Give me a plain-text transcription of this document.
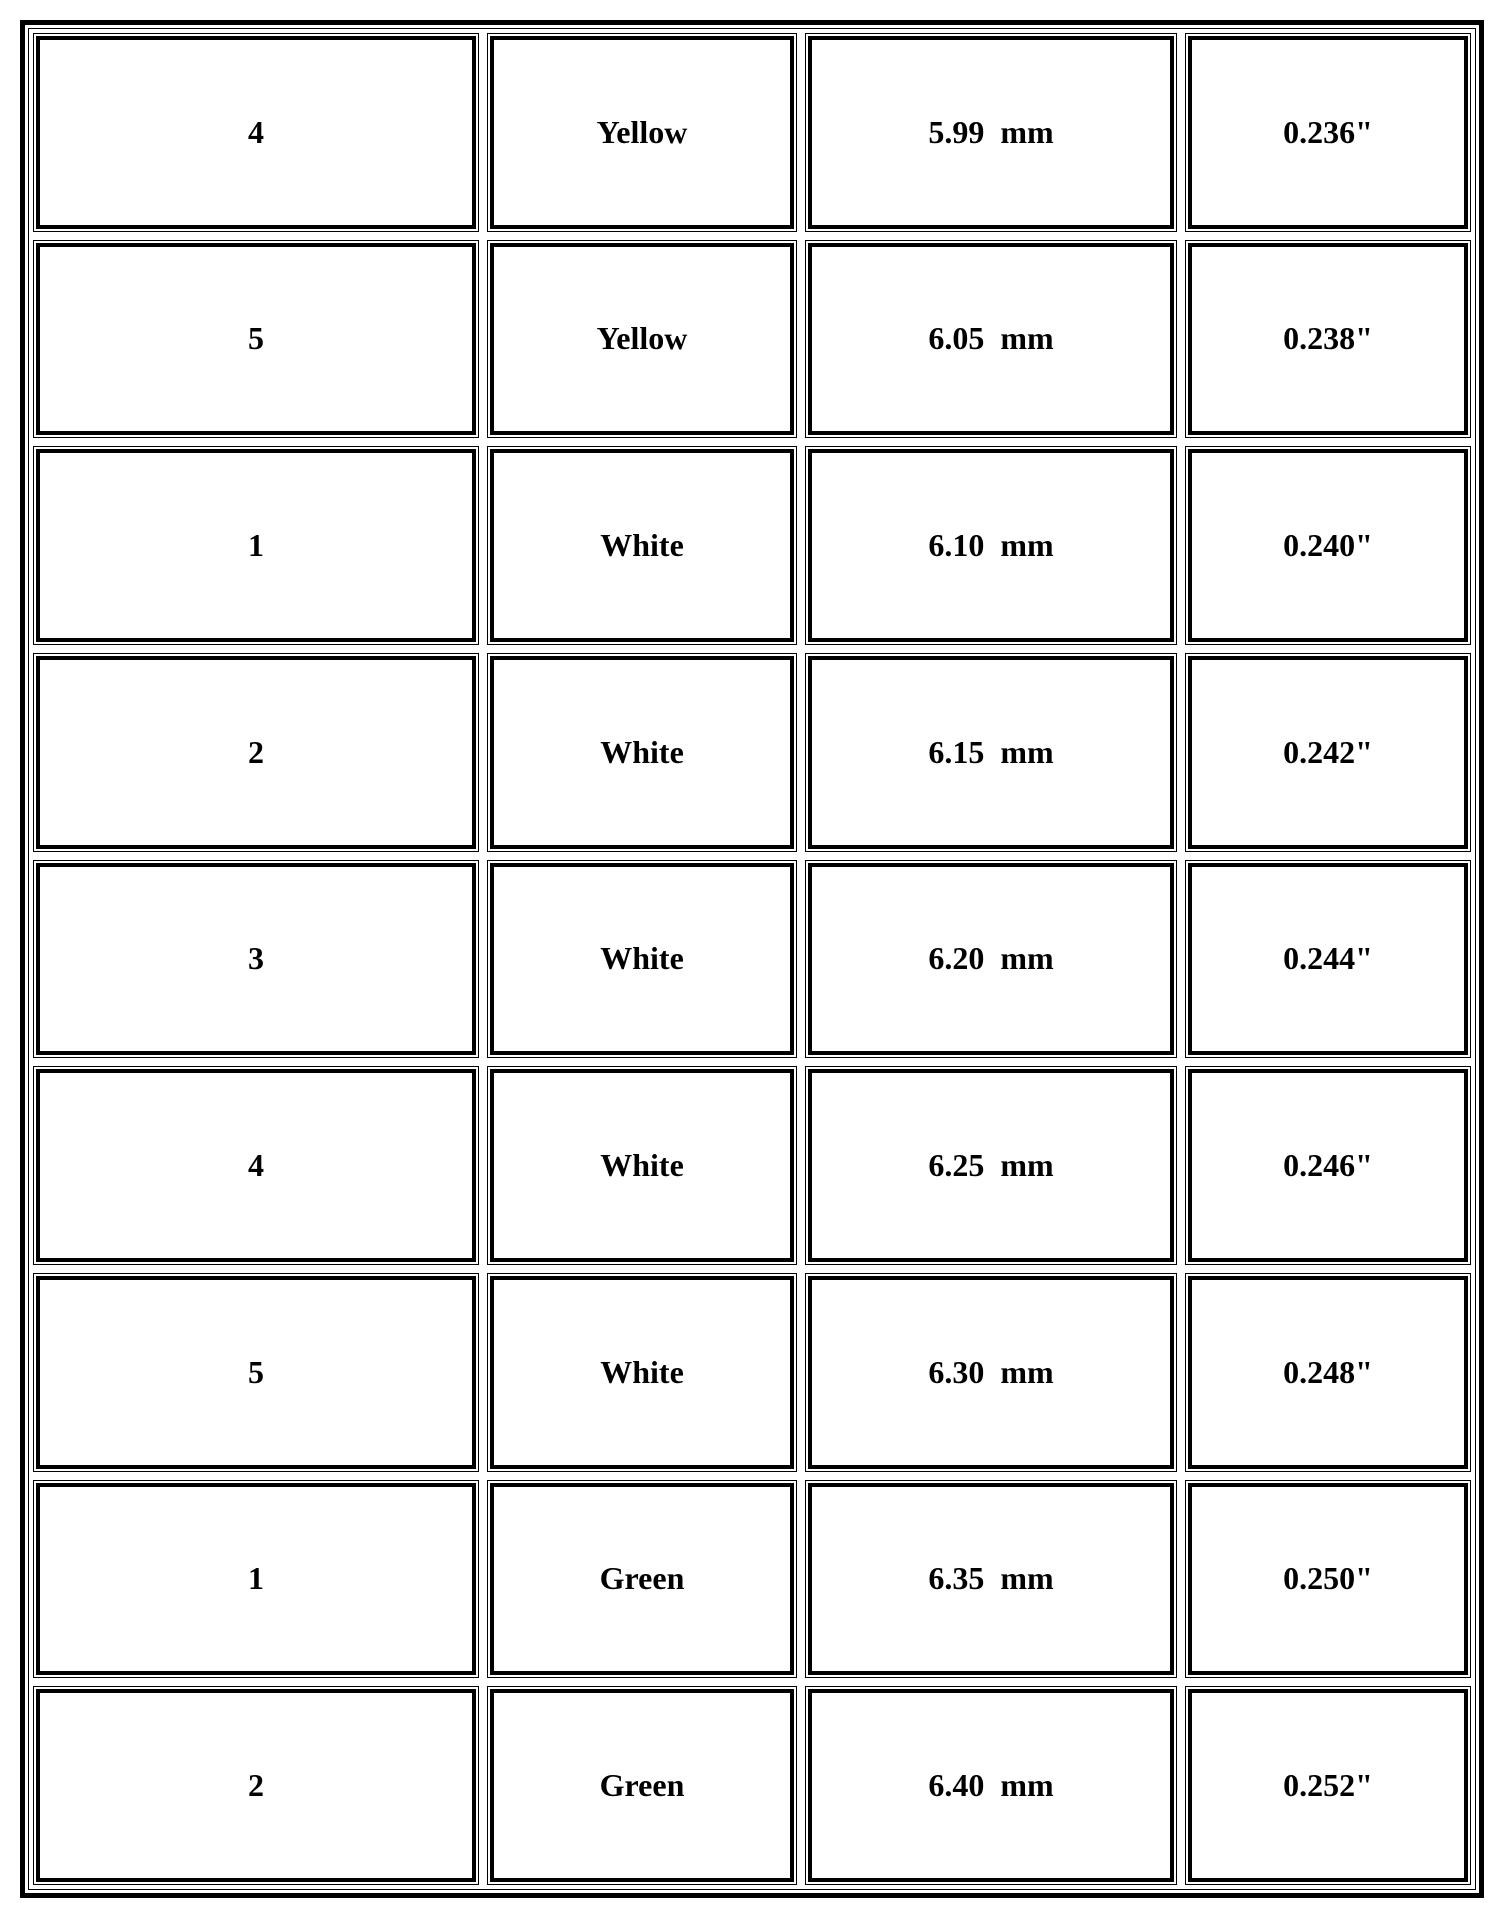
4	Yellow	5.99  mm	0.236"
5	Yellow	6.05  mm	0.238"
1	White	6.10  mm	0.240"
2	White	6.15  mm	0.242"
3	White	6.20  mm	0.244"
4	White	6.25  mm	0.246"
5	White	6.30  mm	0.248"
1	Green	6.35  mm	0.250"
2	Green	6.40  mm	0.252"
